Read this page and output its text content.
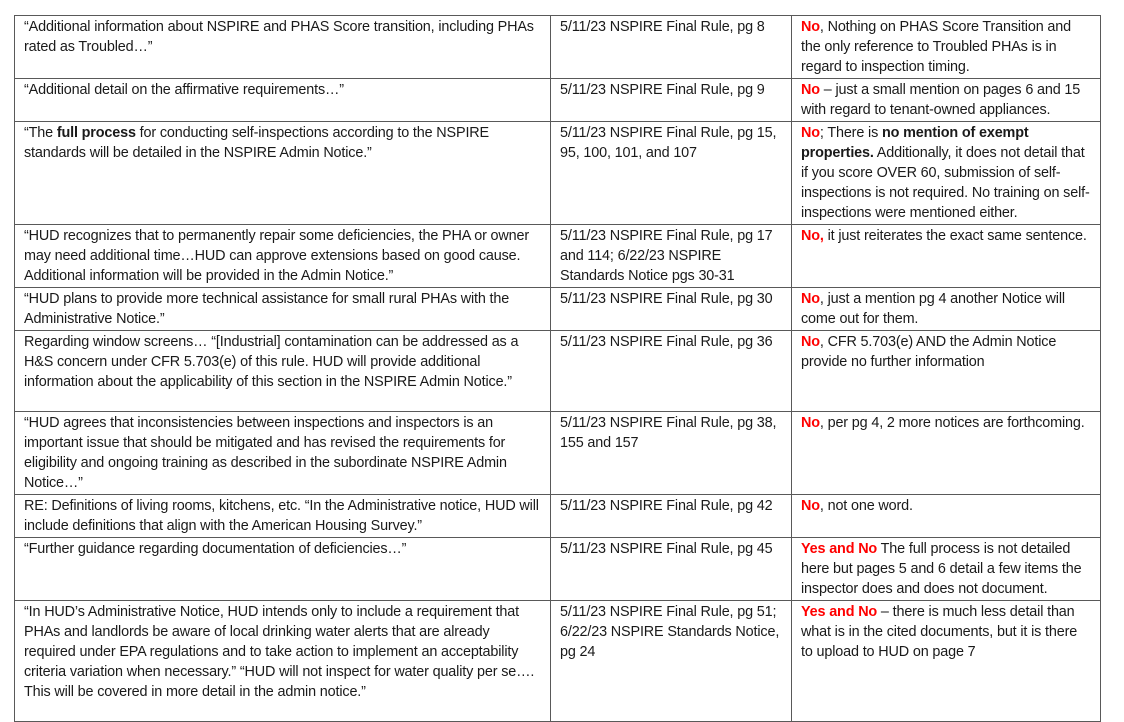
“Additional information about NSPIRE and PHAS Score transition, including PHAs rated as Troubled…”	5/11/23 NSPIRE Final Rule, pg 8	No, Nothing on PHAS Score Transition and the only reference to Troubled PHAs is in regard to inspection timing.
“Additional detail on the affirmative requirements…”	5/11/23 NSPIRE Final Rule, pg 9	No – just a small mention on pages 6 and 15 with regard to tenant-owned appliances.
“The full process for conducting self-inspections according to the NSPIRE standards will be detailed in the NSPIRE Admin Notice.”	5/11/23 NSPIRE Final Rule, pg 15, 95, 100, 101, and 107	No; There is no mention of exempt properties. Additionally, it does not detail that if you score OVER 60, submission of self-inspections is not required. No training on self-inspections were mentioned either.
“HUD recognizes that to permanently repair some deficiencies, the PHA or owner may need additional time…HUD can approve extensions based on good cause. Additional information will be provided in the Admin Notice.”	5/11/23 NSPIRE Final Rule, pg 17 and 114; 6/22/23 NSPIRE Standards Notice pgs 30-31	No, it just reiterates the exact same sentence.
“HUD plans to provide more technical assistance for small rural PHAs with the Administrative Notice.”	5/11/23 NSPIRE Final Rule, pg 30	No, just a mention pg 4 another Notice will come out for them.
Regarding window screens… “[Industrial] contamination can be addressed as a H&S concern under CFR 5.703(e) of this rule. HUD will provide additional information about the applicability of this section in the NSPIRE Admin Notice.”	5/11/23 NSPIRE Final Rule, pg 36	No, CFR 5.703(e) AND the Admin Notice provide no further information
“HUD agrees that inconsistencies between inspections and inspectors is an important issue that should be mitigated and has revised the requirements for eligibility and ongoing training as described in the subordinate NSPIRE Admin Notice…”	5/11/23 NSPIRE Final Rule, pg 38, 155 and 157	No, per pg 4, 2 more notices are forthcoming.
RE: Definitions of living rooms, kitchens, etc. “In the Administrative notice, HUD will include definitions that align with the American Housing Survey.”	5/11/23 NSPIRE Final Rule, pg 42	No, not one word.
“Further guidance regarding documentation of deficiencies…”	5/11/23 NSPIRE Final Rule, pg 45	Yes and No The full process is not detailed here but pages 5 and 6 detail a few items the inspector does and does not document.
“In HUD’s Administrative Notice, HUD intends only to include a requirement that PHAs and landlords be aware of local drinking water alerts that are already required under EPA regulations and to take action to implement an acceptability criteria variation when necessary.” “HUD will not inspect for water quality per se…. This will be covered in more detail in the admin notice.”	5/11/23 NSPIRE Final Rule, pg 51; 6/22/23 NSPIRE Standards Notice, pg 24	Yes and No – there is much less detail than what is in the cited documents, but it is there to upload to HUD on page 7
